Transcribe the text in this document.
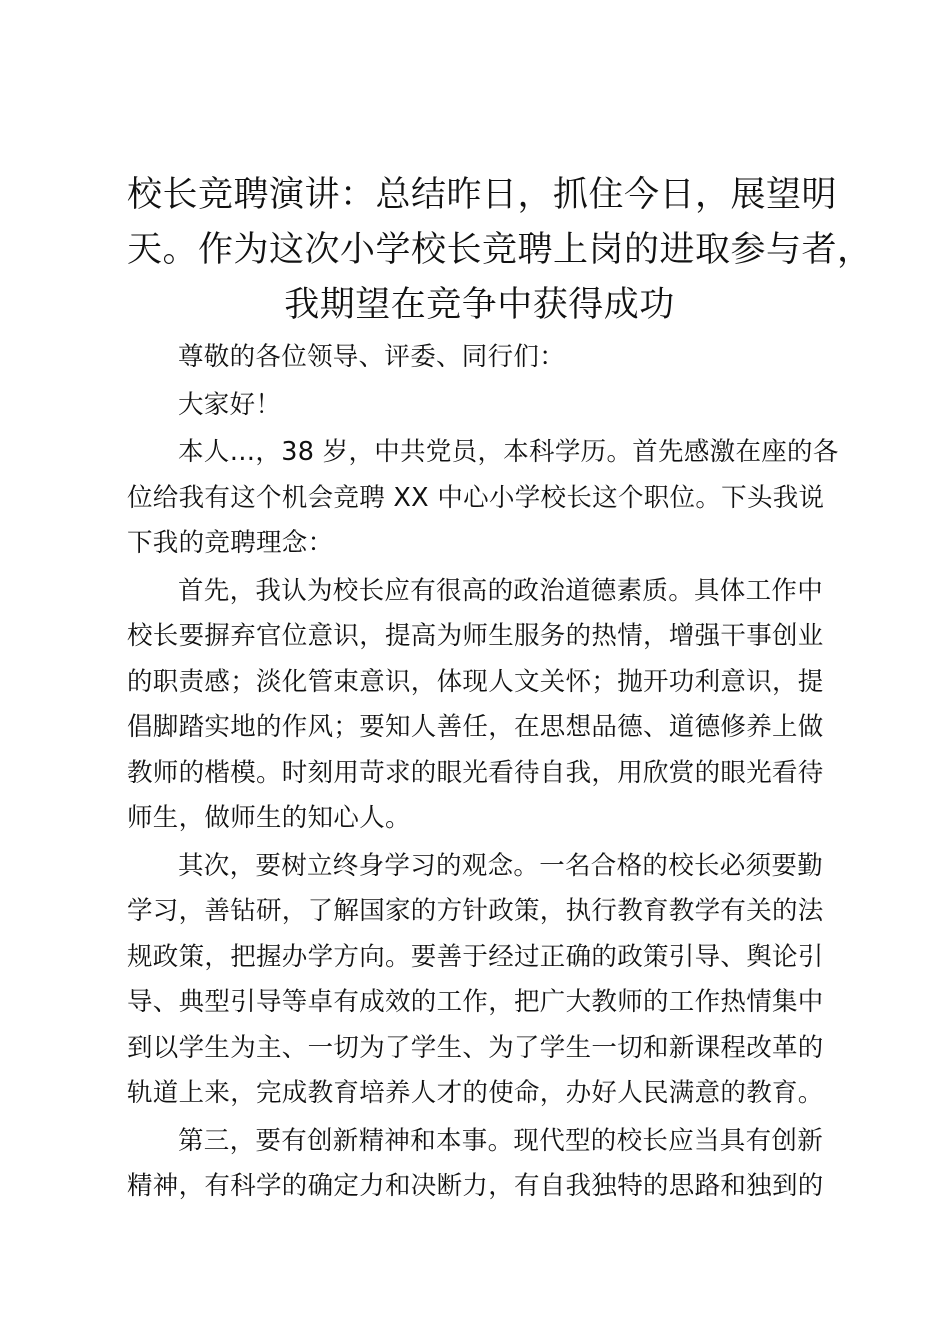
校长竞聘演讲：总结昨日，抓住今日，展望明
天。作为这次小学校长竞聘上岗的进取参与者，
我期望在竞争中获得成功

尊敬的各位领导、评委、同行们：

大家好！

本人…，38 岁，中共党员，本科学历。首先感激在座的各
位给我有这个机会竞聘 XX 中心小学校长这个职位。下头我说
下我的竞聘理念：

首先，我认为校长应有很高的政治道德素质。具体工作中
校长要摒弃官位意识，提高为师生服务的热情，增强干事创业
的职责感；淡化管束意识，体现人文关怀；抛开功利意识，提
倡脚踏实地的作风；要知人善任，在思想品德、道德修养上做
教师的楷模。时刻用苛求的眼光看待自我，用欣赏的眼光看待
师生，做师生的知心人。

其次，要树立终身学习的观念。一名合格的校长必须要勤
学习，善钻研，了解国家的方针政策，执行教育教学有关的法
规政策，把握办学方向。要善于经过正确的政策引导、舆论引
导、典型引导等卓有成效的工作，把广大教师的工作热情集中
到以学生为主、一切为了学生、为了学生一切和新课程改革的
轨道上来，完成教育培养人才的使命，办好人民满意的教育。

第三，要有创新精神和本事。现代型的校长应当具有创新
精神，有科学的确定力和决断力，有自我独特的思路和独到的
